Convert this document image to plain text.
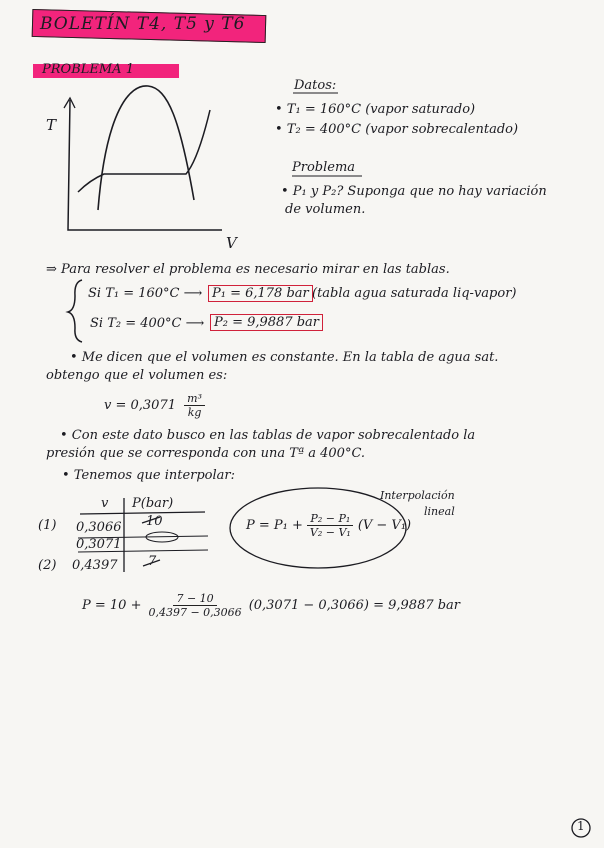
BOLETÍN T4, T5 y T6
PROBLEMA 1
Datos:
• T₁ = 160°C (vapor saturado)
• T₂ = 400°C (vapor sobrecalentado)
Problema
• P₁ y P₂? Suponga que no hay variación
de volumen.
T
V
⇒ Para resolver el problema es necesario mirar en las tablas.
Si T₁ = 160°C ⟶ P₁ = 6,178 bar (tabla agua saturada liq-vapor)
Si T₂ = 400°C ⟶ P₂ = 9,9887 bar
• Me dicen que el volumen es constante. En la tabla de agua sat.
obtengo que el volumen es:
$v = 0,3071 \frac{\text{m³}}{kg}$
• Con este dato busco en las tablas de vapor sobrecalentado la
presión que se corresponda con una Tª a 400°C.
• Tenemos que interpolar:
v P(bar)
(1) 0,3066 10
0,3071
(2) 0,4397 7
Interpolación
lineal
$P = P_1 + \frac{\text{P₂ − P₁}}{\text{V₂ − V₁}} (V - V_1)$
$P = 10 + \frac{7 - 10}{0,4397 - 0,3066} (0,3071 - 0,3066) = 9,9887$ bar
1
